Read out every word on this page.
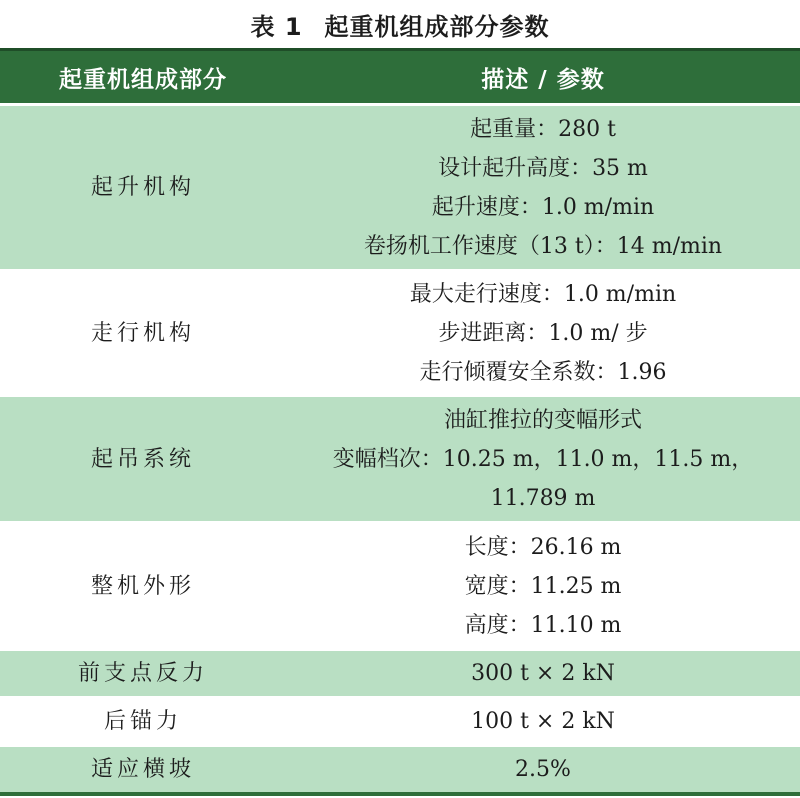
表 1 起重机组成部分参数
起重机组成部分	描述 / 参数
起升机构	起重量：280 t
设计起升高度：35 m
起升速度：1.0 m/min
卷扬机工作速度（13 t）：14 m/min

走行机构	最大走行速度：1.0 m/min
步进距离：1.0 m/ 步
走行倾覆安全系数：1.96

起吊系统	油缸推拉的变幅形式
变幅档次：10.25 m，11.0 m，11.5 m，
11.789 m

整机外形	长度：26.16 m
宽度：11.25 m
高度：11.10 m

前支点反力	300 t × 2 kN

后锚力	100 t × 2 kN

适应横坡	2.5%
